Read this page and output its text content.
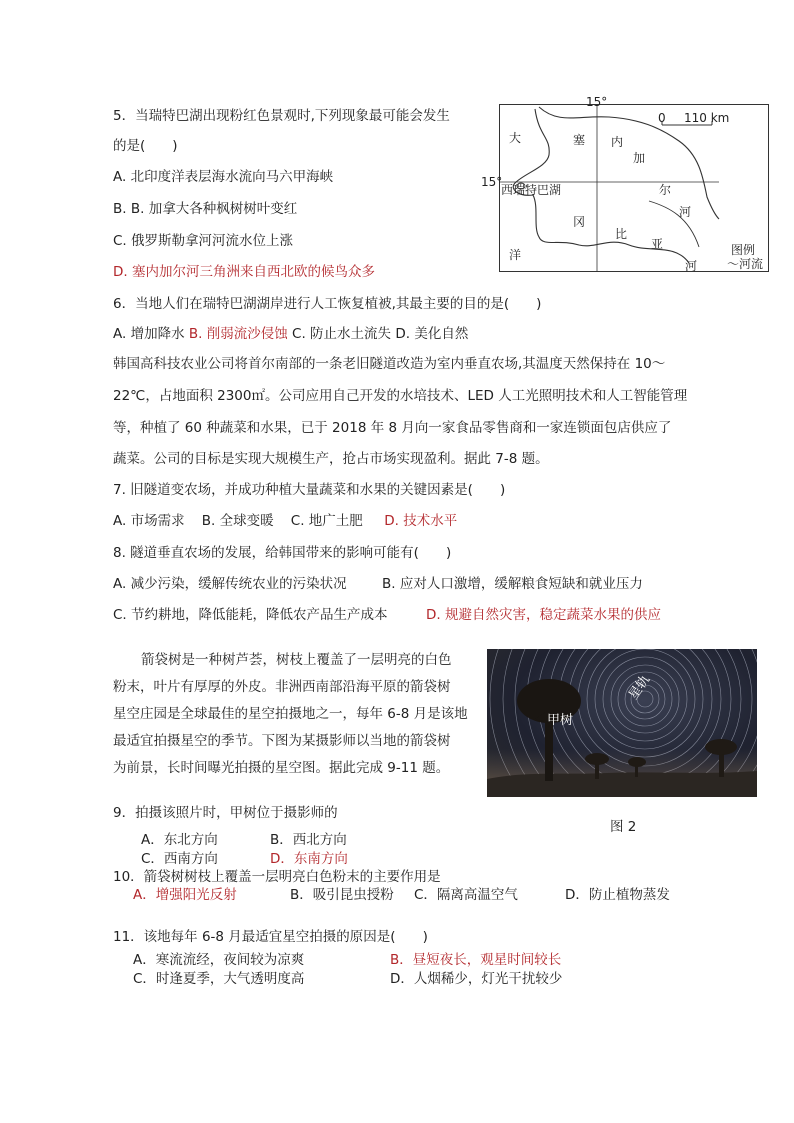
5．当瑞特巴湖出现粉红色景观时,下列现象最可能会发生
的是(　　)
A. 北印度洋表层海水流向马六甲海峡
B. B. 加拿大各种枫树树叶变红
C. 俄罗斯勒拿河河流水位上涨
D. 塞内加尔河三角洲来自西北欧的候鸟众多
15°
15°
0 110 km
大
西
洋
瑞特巴湖
塞 内
加
尔
河
冈
比
亚
河
图例
～河流
6．当地人们在瑞特巴湖湖岸进行人工恢复植被,其最主要的目的是(　　)
A. 增加降水 B. 削弱流沙侵蚀 C. 防止水土流失 D. 美化自然
韩国高科技农业公司将首尔南部的一条老旧隧道改造为室内垂直农场,其温度天然保持在 10～
22℃，占地面积 2300㎡。公司应用自己开发的水培技术、LED 人工光照明技术和人工智能管理
等，种植了 60 种蔬菜和水果，已于 2018 年 8 月向一家食品零售商和一家连锁面包店供应了
蔬菜。公司的目标是实现大规模生产，抢占市场实现盈利。据此 7-8 题。
7. 旧隧道变农场，并成功种植大量蔬菜和水果的关键因素是(　　)
A. 市场需求 B. 全球变暖 C. 地广土肥 D. 技术水平
8. 隧道垂直农场的发展，给韩国带来的影响可能有(　　)
A. 减少污染，缓解传统农业的污染状况	B. 应对人口激增，缓解粮食短缺和就业压力
C. 节约耕地，降低能耗，降低农产品生产成本	D. 规避自然灾害，稳定蔬菜水果的供应
箭袋树是一种树芦荟，树枝上覆盖了一层明亮的白色
粉末，叶片有厚厚的外皮。非洲西南部沿海平原的箭袋树
星空庄园是全球最佳的星空拍摄地之一，每年 6-8 月是该地
最适宜拍摄星空的季节。下图为某摄影师以当地的箭袋树
为前景，长时间曝光拍摄的星空图。据此完成 9-11 题。
甲树
星轨
图 2
9．拍摄该照片时，甲树位于摄影师的
A．东北方向	B．西北方向
C．西南方向	D．东南方向
10．箭袋树树枝上覆盖一层明亮白色粉末的主要作用是
A．增强阳光反射	B．吸引昆虫授粉 C．隔离高温空气	D．防止植物蒸发
11．该地每年 6-8 月最适宜星空拍摄的原因是(　　)
A．寒流流经，夜间较为凉爽	B．昼短夜长，观星时间较长
C．时逢夏季，大气透明度高	D．人烟稀少，灯光干扰较少
